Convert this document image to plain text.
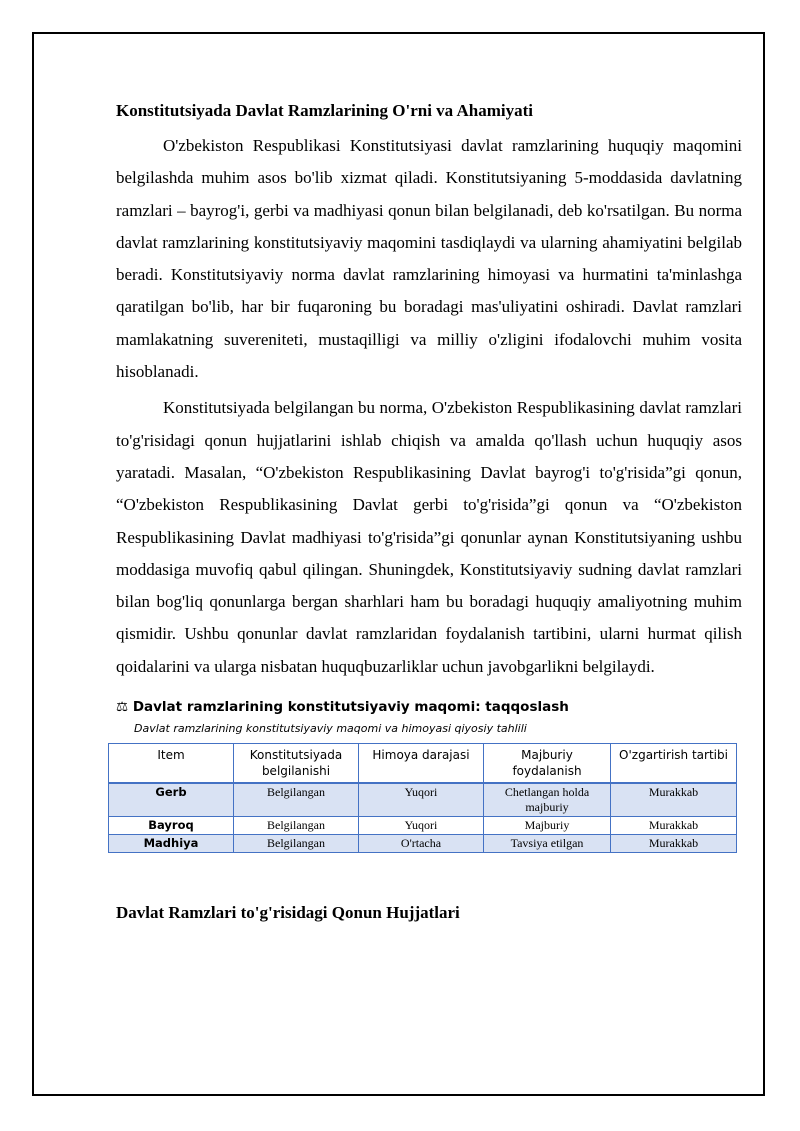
Konstitutsiyada Davlat Ramzlarining O'rni va Ahamiyati

O'zbekiston Respublikasi Konstitutsiyasi davlat ramzlarining huquqiy maqomini belgilashda muhim asos bo'lib xizmat qiladi. Konstitutsiyaning 5-moddasida davlatning ramzlari – bayrog'i, gerbi va madhiyasi qonun bilan belgilanadi, deb ko'rsatilgan. Bu norma davlat ramzlarining konstitutsiyaviy maqomini tasdiqlaydi va ularning ahamiyatini belgilab beradi. Konstitutsiyaviy norma davlat ramzlarining himoyasi va hurmatini ta'minlashga qaratilgan bo'lib, har bir fuqaroning bu boradagi mas'uliyatini oshiradi. Davlat ramzlari mamlakatning suvereniteti, mustaqilligi va milliy o'zligini ifodalovchi muhim vosita hisoblanadi.

Konstitutsiyada belgilangan bu norma, O'zbekiston Respublikasining davlat ramzlari to'g'risidagi qonun hujjatlarini ishlab chiqish va amalda qo'llash uchun huquqiy asos yaratadi. Masalan, “O'zbekiston Respublikasining Davlat bayrog'i to'g'risida”gi qonun, “O'zbekiston Respublikasining Davlat gerbi to'g'risida”gi qonun va “O'zbekiston Respublikasining Davlat madhiyasi to'g'risida”gi qonunlar aynan Konstitutsiyaning ushbu moddasiga muvofiq qabul qilingan. Shuningdek, Konstitutsiyaviy sudning davlat ramzlari bilan bog'liq qonunlarga bergan sharhlari ham bu boradagi huquqiy amaliyotning muhim qismidir. Ushbu qonunlar davlat ramzlaridan foydalanish tartibini, ularni hurmat qilish qoidalarini va ularga nisbatan huquqbuzarliklar uchun javobgarlikni belgilaydi.

⚖ Davlat ramzlarining konstitutsiyaviy maqomi: taqqoslash
Davlat ramzlarining konstitutsiyaviy maqomi va himoyasi qiyosiy tahlili
Item	Konstitutsiyada belgilanishi	Himoya darajasi	Majburiy foydalanish	O'zgartirish tartibi
Gerb	Belgilangan	Yuqori	Chetlangan holda majburiy	Murakkab
Bayroq	Belgilangan	Yuqori	Majburiy	Murakkab
Madhiya	Belgilangan	O'rtacha	Tavsiya etilgan	Murakkab
Davlat Ramzlari to'g'risidagi Qonun Hujjatlari
